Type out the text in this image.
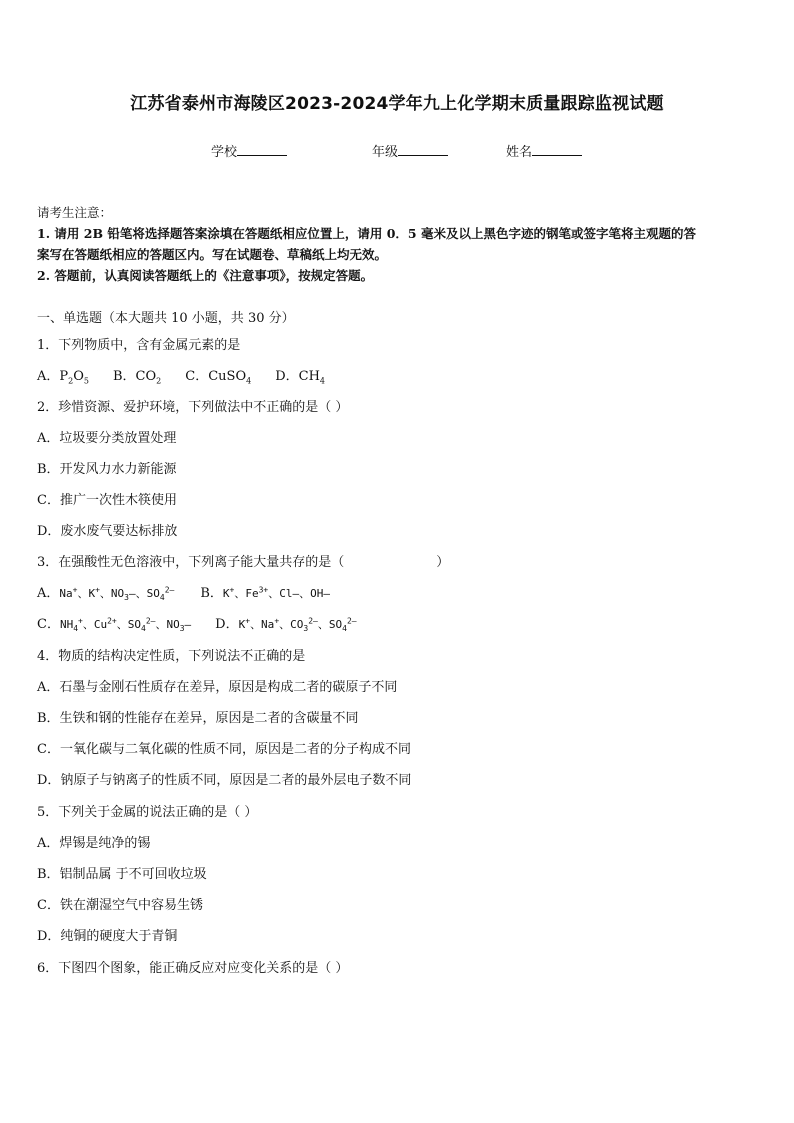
江苏省泰州市海陵区2023-2024学年九上化学期末质量跟踪监视试题
学校	年级	姓名
请考生注意：
1. 请用 2B 铅笔将选择题答案涂填在答题纸相应位置上，请用 0．5 毫米及以上黑色字迹的钢笔或签字笔将主观题的答
案写在答题纸相应的答题区内。写在试题卷、草稿纸上均无效。
2. 答题前，认真阅读答题纸上的《注意事项》，按规定答题。
一、单选题（本大题共 10 小题，共 30 分）
1．下列物质中，含有金属元素的是
A．$P_2O_5$ B．$CO_2$ C．CuSO$_4$ D．$CH_4$
2．珍惜资源、爱护环境，下列做法中不正确的是（ ）
A．垃圾要分类放置处理
B．开发风力水力新能源
C．推广一次性木筷使用
D．废水废气要达标排放
3．在强酸性无色溶液中，下列离子能大量共存的是（	）
A．Na+、K+、$NO_3—$、$SO_4^{2—}$ B．K+、$Fe^{3+}$、Cl—、OH—
C．$NH_4^+$、$Cu^{2+}$、$SO_4^{2—}$、$NO_3—$ D．K+、Na+、$CO_3^{2—}$、$SO_4^{2—}$
4．物质的结构决定性质，下列说法不正确的是
A．石墨与金刚石性质存在差异，原因是构成二者的碳原子不同
B．生铁和钢的性能存在差异，原因是二者的含碳量不同
C．一氧化碳与二氧化碳的性质不同，原因是二者的分子构成不同
D．钠原子与钠离子的性质不同，原因是二者的最外层电子数不同
5．下列关于金属的说法正确的是（ ）
A．焊锡是纯净的锡
B．铝制品属 于不可回收垃圾
C．铁在潮湿空气中容易生锈
D．纯铜的硬度大于青铜
6．下图四个图象，能正确反应对应变化关系的是（ ）
